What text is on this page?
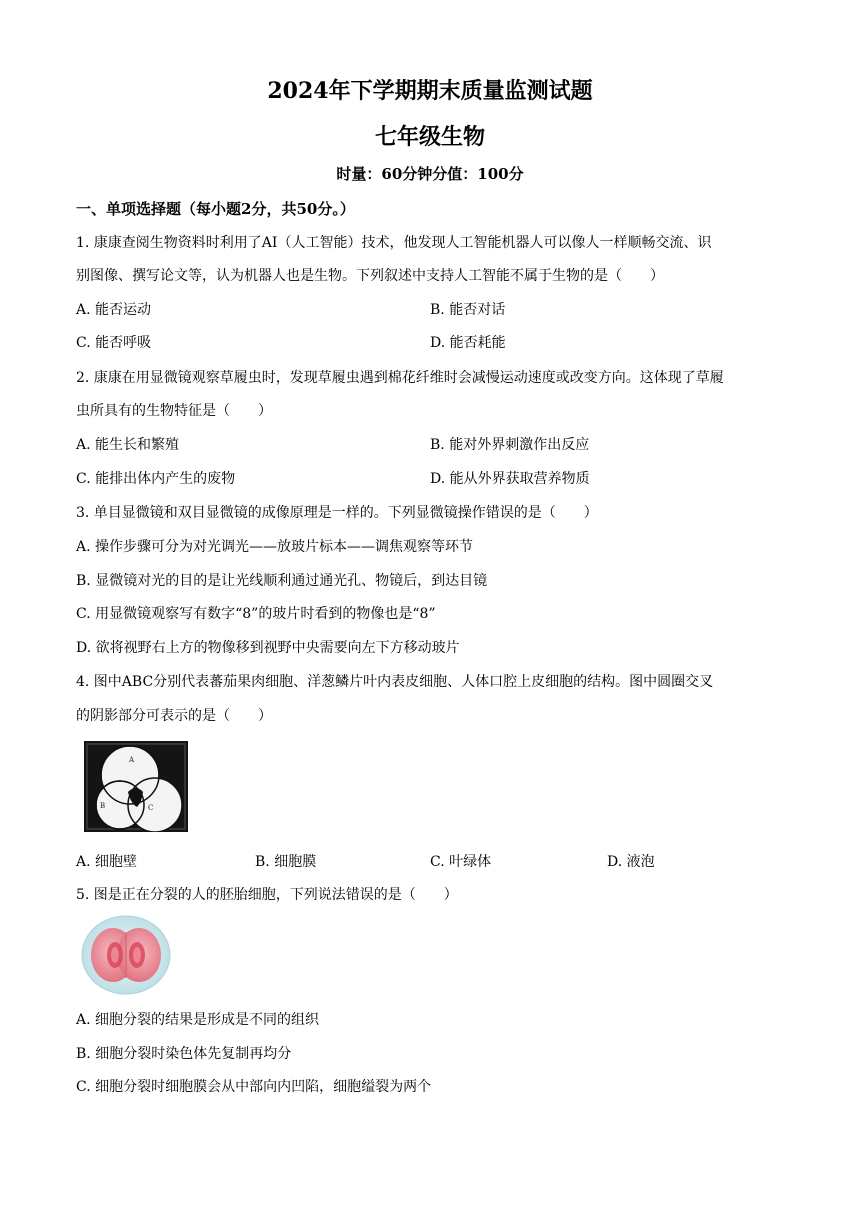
2024年下学期期末质量监测试题
七年级生物
时量：60分钟分值：100分
一、单项选择题（每小题2分，共50分。）
1. 康康查阅生物资料时利用了AI（人工智能）技术，他发现人工智能机器人可以像人一样顺畅交流、识
别图像、撰写论文等，认为机器人也是生物。下列叙述中支持人工智能不属于生物的是（　　）
A. 能否运动	B. 能否对话
C. 能否呼吸	D. 能否耗能
2. 康康在用显微镜观察草履虫时，发现草履虫遇到棉花纤维时会减慢运动速度或改变方向。这体现了草履
虫所具有的生物特征是（　　）
A. 能生长和繁殖	B. 能对外界刺激作出反应
C. 能排出体内产生的废物	D. 能从外界获取营养物质
3. 单目显微镜和双目显微镜的成像原理是一样的。下列显微镜操作错误的是（　　）
A. 操作步骤可分为对光调光——放玻片标本——调焦观察等环节
B. 显微镜对光的目的是让光线顺利通过通光孔、物镜后，到达目镜
C. 用显微镜观察写有数字“8”的玻片时看到的物像也是“8”
D. 欲将视野右上方的物像移到视野中央需要向左下方移动玻片
4. 图中ABC分别代表蕃茄果肉细胞、洋葱鳞片叶内表皮细胞、人体口腔上皮细胞的结构。图中圆圈交叉
的阴影部分可表示的是（　　）
A
B	C
A. 细胞壁	B. 细胞膜	C. 叶绿体	D. 液泡
5. 图是正在分裂的人的胚胎细胞，下列说法错误的是（　　）
A. 细胞分裂的结果是形成是不同的组织
B. 细胞分裂时染色体先复制再均分
C. 细胞分裂时细胞膜会从中部向内凹陷，细胞缢裂为两个
